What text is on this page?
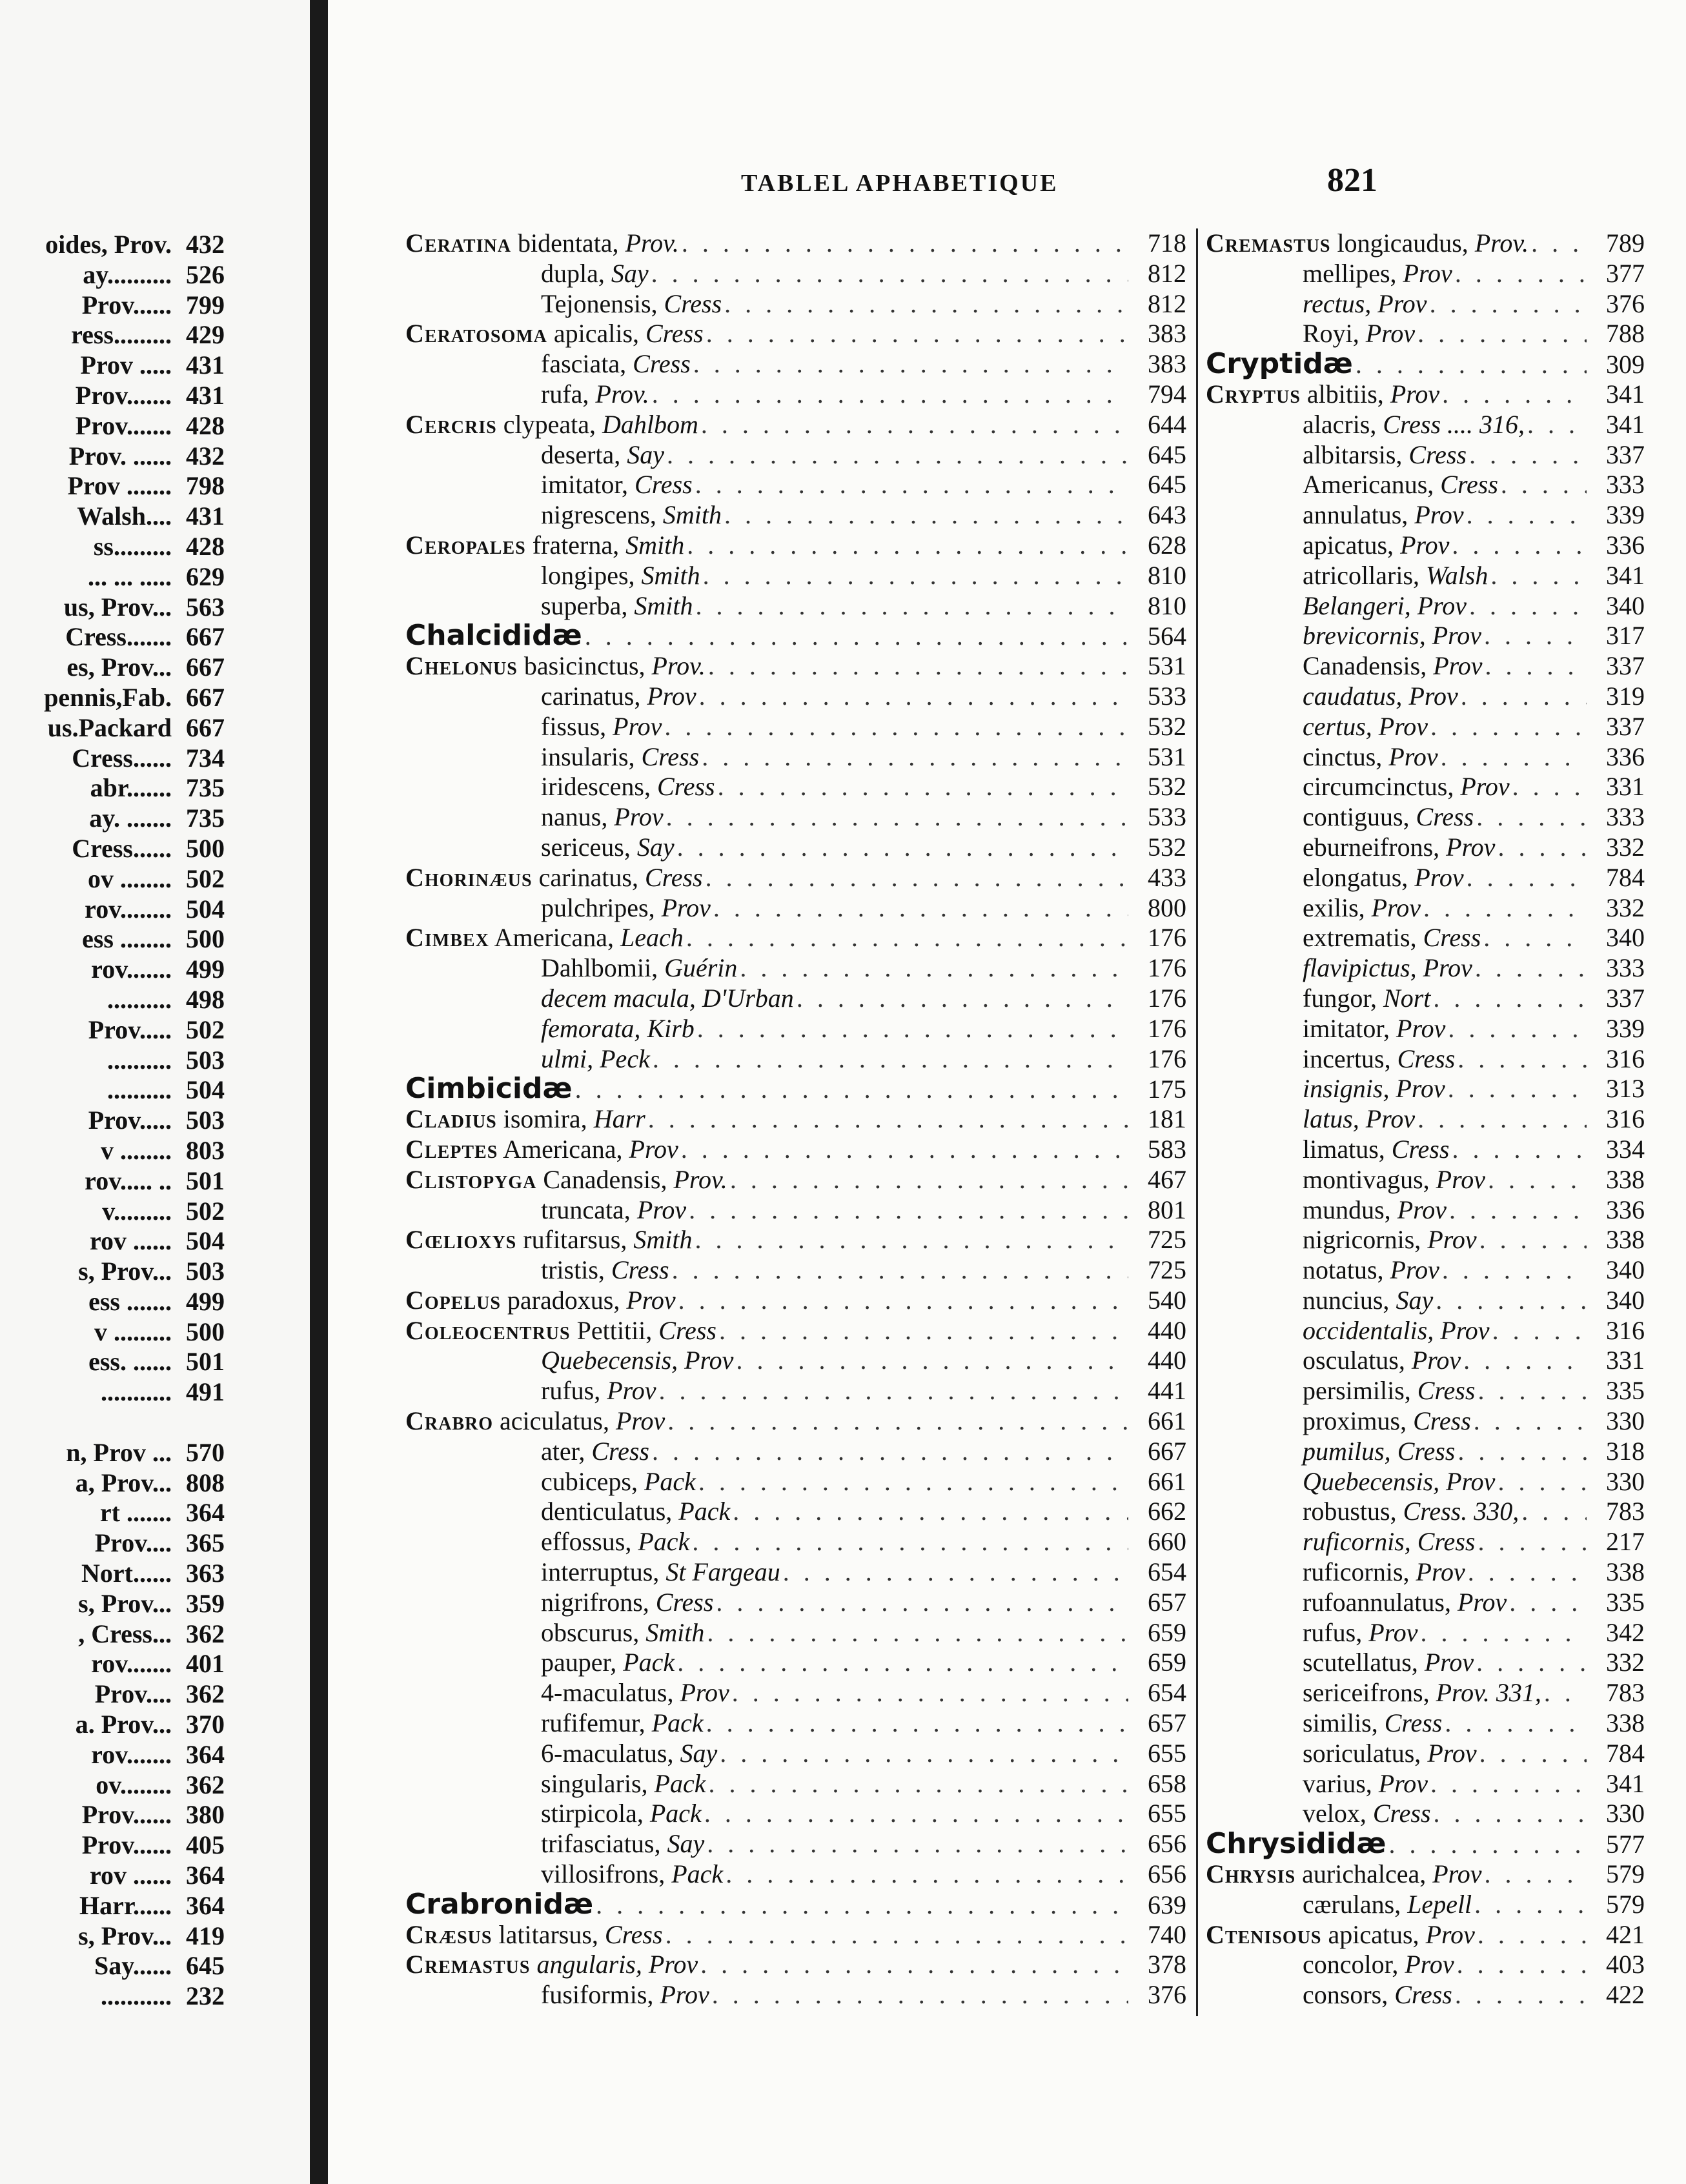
oides, Prov. 432
ay.......... 526
Prov...... 799
ress......... 429
Prov ..... 431
Prov....... 431
Prov....... 428
Prov. ...... 432
Prov ....... 798
Walsh.... 431
ss......... 428
... ... ..... 629
us, Prov... 563
Cress....... 667
es, Prov... 667
pennis,Fab. 667
us.Packard 667
Cress...... 734
abr....... 735
ay. ....... 735
Cress...... 500
ov ........ 502
rov........ 504
ess ........ 500
rov....... 499
.......... 498
Prov..... 502
.......... 503
.......... 504
Prov..... 503
v ........ 803
rov..... .. 501
v......... 502
rov ...... 504
s, Prov... 503
ess ....... 499
v ......... 500
ess. ...... 501
........... 491
n, Prov ... 570
a, Prov... 808
rt ....... 364
Prov.... 365
Nort...... 363
s, Prov... 359
, Cress... 362
rov....... 401
Prov.... 362
a. Prov... 370
rov....... 364
ov........ 362
Prov...... 380
Prov...... 405
rov ...... 364
Harr...... 364
s, Prov... 419
Say...... 645
........... 232
TABLEL APHABETIQUE	821
Ceratina bidentata, Prov. . . .	718
dupla, Say . . .	812
Tejonensis, Cress . . .	812
Ceratosoma apicalis, Cress . . .	383
fasciata, Cress . . .	383
rufa, Prov. . . .	794
Cercris clypeata, Dahlbom . . .	644
deserta, Say . . .	645
imitator, Cress . . .	645
nigrescens, Smith . . .	643
Ceropales fraterna, Smith . . .	628
longipes, Smith . . .	810
superba, Smith . . .	810
Chalcididæ . . .	564
Chelonus basicinctus, Prov. . . .	531
carinatus, Prov . . .	533
fissus, Prov . . .	532
insularis, Cress . . .	531
iridescens, Cress . . .	532
nanus, Prov . . .	533
sericeus, Say . . .	532
Chorinæus carinatus, Cress . . .	433
pulchripes, Prov . . .	800
Cimbex Americana, Leach . . .	176
Dahlbomii, Guérin . . .	176
decem macula, D'Urban . . .	176
femorata, Kirb . . .	176
ulmi, Peck . . .	176
Cimbicidæ . . .	175
Cladius isomira, Harr . . .	181
Cleptes Americana, Prov . . .	583
Clistopyga Canadensis, Prov. . . .	467
truncata, Prov . . .	801
Cœlioxys rufitarsus, Smith . . .	725
tristis, Cress . . .	725
Copelus paradoxus, Prov . . .	540
Coleocentrus Pettitii, Cress . . .	440
Quebecensis, Prov . . .	440
rufus, Prov . . .	441
Crabro aciculatus, Prov . . .	661
ater, Cress . . .	667
cubiceps, Pack . . .	661
denticulatus, Pack . . .	662
effossus, Pack . . .	660
interruptus, St Fargeau . . .	654
nigrifrons, Cress . . .	657
obscurus, Smith . . .	659
pauper, Pack . . .	659
4-maculatus, Prov . . .	654
rufifemur, Pack . . .	657
6-maculatus, Say . . .	655
singularis, Pack . . .	658
stirpicola, Pack . . .	655
trifasciatus, Say . . .	656
villosifrons, Pack . . .	656
Crabronidæ . . .	639
Cræsus latitarsus, Cress . . .	740
Cremastus angularis, Prov . . .	378
fusiformis, Prov . . .	376
Cremastus longicaudus, Prov. . . .	789
mellipes, Prov . . .	377
rectus, Prov . . .	376
Royi, Prov . . .	788
Cryptidæ . . .	309
Cryptus albitiis, Prov . . .	341
alacris, Cress .... 316, . . .	341
albitarsis, Cress . . .	337
Americanus, Cress . . .	333
annulatus, Prov . . .	339
apicatus, Prov . . .	336
atricollaris, Walsh . . .	341
Belangeri, Prov . . .	340
brevicornis, Prov . . .	317
Canadensis, Prov . . .	337
caudatus, Prov . . .	319
certus, Prov . . .	337
cinctus, Prov . . .	336
circumcinctus, Prov . . .	331
contiguus, Cress . . .	333
eburneifrons, Prov . . .	332
elongatus, Prov . . .	784
exilis, Prov . . .	332
extrematis, Cress . . .	340
flavipictus, Prov . . .	333
fungor, Nort . . .	337
imitator, Prov . . .	339
incertus, Cress . . .	316
insignis, Prov . . .	313
latus, Prov . . .	316
limatus, Cress . . .	334
montivagus, Prov . . .	338
mundus, Prov . . .	336
nigricornis, Prov . . .	338
notatus, Prov . . .	340
nuncius, Say . . .	340
occidentalis, Prov . . .	316
osculatus, Prov . . .	331
persimilis, Cress . . .	335
proximus, Cress . . .	330
pumilus, Cress . . .	318
Quebecensis, Prov . . .	330
robustus, Cress. 330, . . .	783
ruficornis, Cress . . .	217
ruficornis, Prov . . .	338
rufoannulatus, Prov . . .	335
rufus, Prov . . .	342
scutellatus, Prov . . .	332
sericeifrons, Prov. 331, . . .	783
similis, Cress . . .	338
soriculatus, Prov . . .	784
varius, Prov . . .	341
velox, Cress . . .	330
Chrysididæ . . .	577
Chrysis aurichalcea, Prov . . .	579
cærulans, Lepell . . .	579
Ctenisous apicatus, Prov . . .	421
concolor, Prov . . .	403
consors, Cress . . .	422
